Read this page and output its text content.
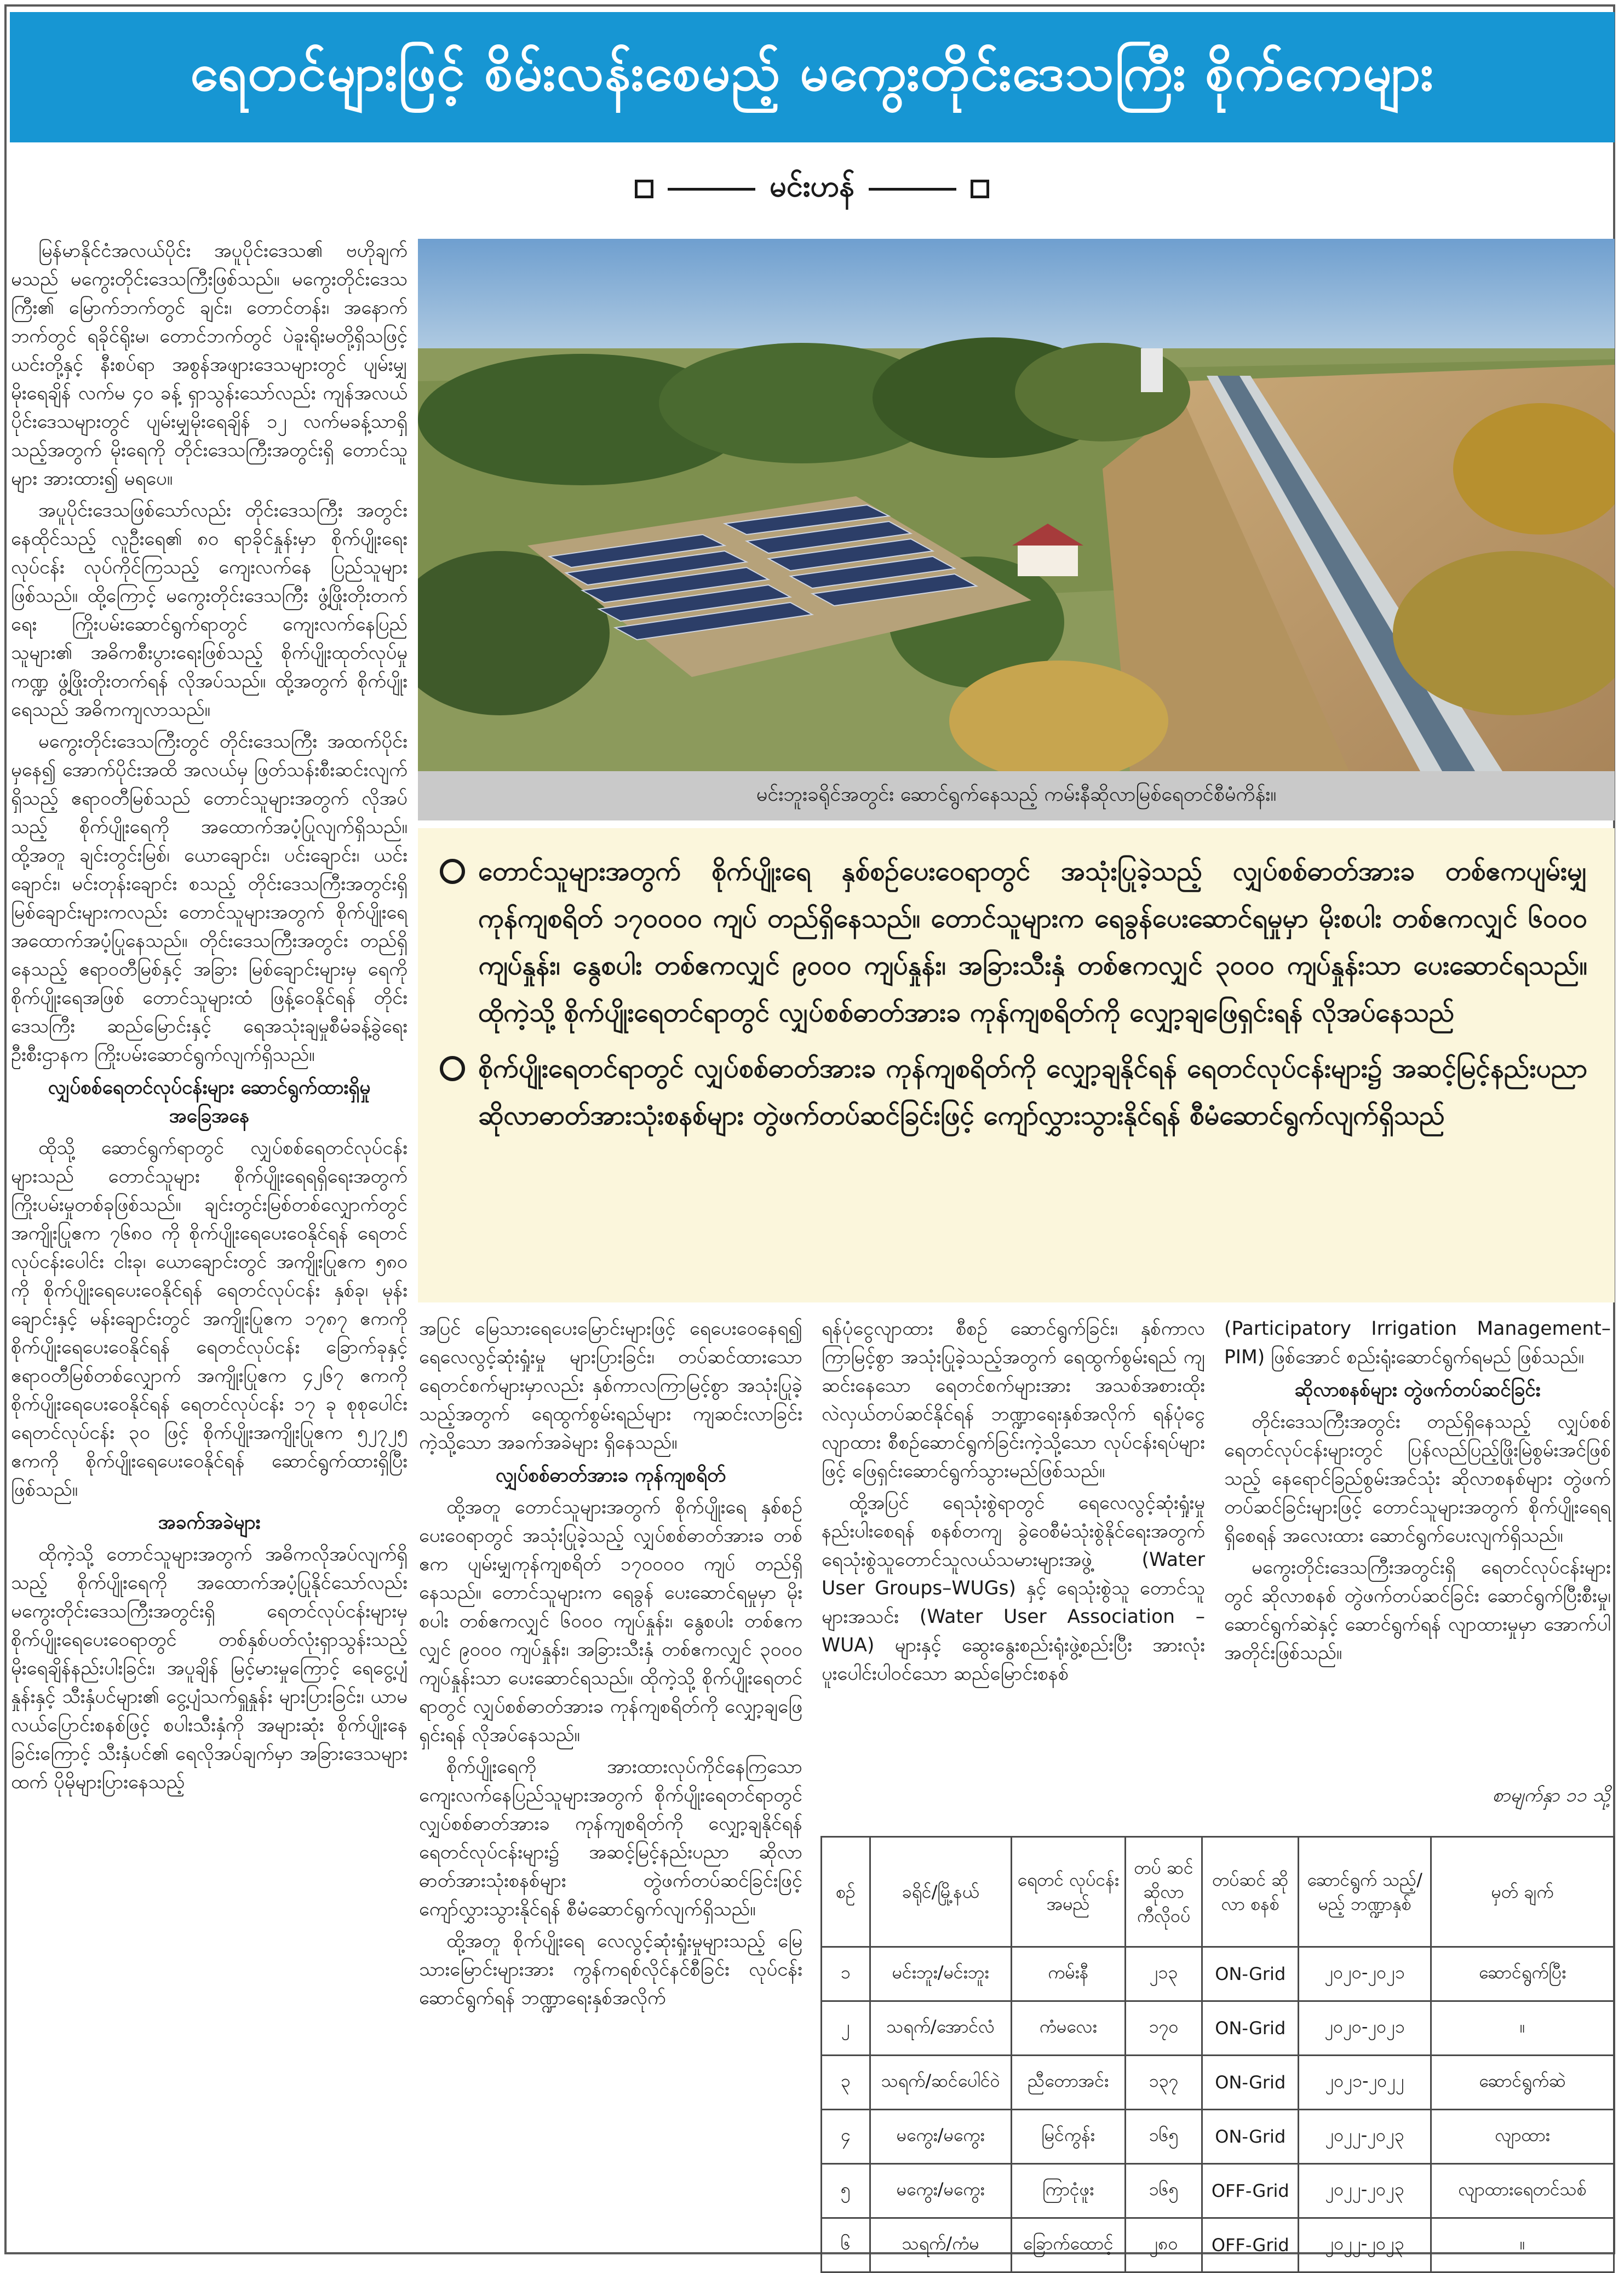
ရေတင်များဖြင့် စိမ်းလန်းစေမည့် မကွေးတိုင်းဒေသကြီး စိုက်ကေများ
မင်းဟန်

မြန်မာနိုင်ငံအလယ်ပိုင်း အပူပိုင်းဒေသ၏ ဗဟိုချက်မသည် မကွေးတိုင်းဒေသကြီးဖြစ်သည်။ မကွေးတိုင်းဒေသကြီး၏ မြောက်ဘက်တွင် ချင်း၊ တောင်တန်း၊ အနောက်ဘက်တွင် ရခိုင်ရိုးမ၊ တောင်ဘက်တွင် ပဲခူးရိုးမတို့ရှိသဖြင့် ယင်းတို့နှင့် နီးစပ်ရာ အစွန်အဖျားဒေသများတွင် ပျမ်းမျှမိုးရေချိန် လက်မ ၄၀ ခန့် ရှာသွန်းသော်လည်း ကျန်အလယ်ပိုင်းဒေသများတွင် ပျမ်းမျှမိုးရေချိန် ၁၂ လက်မခန့်သာရှိသည့်အတွက် မိုးရေကို တိုင်းဒေသကြီးအတွင်းရှိ တောင်သူများ အားထား၍ မရပေ။

အပူပိုင်းဒေသဖြစ်သော်လည်း တိုင်းဒေသကြီး အတွင်း နေထိုင်သည့် လူဦးရေ၏ ၈၀ ရာခိုင်နှုန်းမှာ စိုက်ပျိုးရေးလုပ်ငန်း လုပ်ကိုင်ကြသည့် ကျေးလက်နေ ပြည်သူများဖြစ်သည်။ ထို့ကြောင့် မကွေးတိုင်းဒေသကြီး ဖွံ့ဖြိုးတိုးတက်ရေး ကြိုးပမ်းဆောင်ရွက်ရာတွင် ကျေးလက်နေပြည်သူများ၏ အဓိကစီးပွားရေးဖြစ်သည့် စိုက်ပျိုးထုတ်လုပ်မှုကဏ္ဍ ဖွံ့ဖြိုးတိုးတက်ရန် လိုအပ်သည်။ ထို့အတွက် စိုက်ပျိုးရေသည် အဓိကကျလာသည်။

မကွေးတိုင်းဒေသကြီးတွင် တိုင်းဒေသကြီး အထက်ပိုင်းမှနေ၍ အောက်ပိုင်းအထိ အလယ်မှ ဖြတ်သန်းစီးဆင်းလျက်ရှိသည့် ဧရာဝတီမြစ်သည် တောင်သူများအတွက် လိုအပ်သည့် စိုက်ပျိုးရေကို အထောက်အပံ့ပြုလျက်ရှိသည်။ ထို့အတူ ချင်းတွင်းမြစ်၊ ယောချောင်း၊ ပင်းချောင်း၊ ယင်းချောင်း၊ မင်းတုန်းချောင်း စသည့် တိုင်းဒေသကြီးအတွင်းရှိ မြစ်ချောင်းများကလည်း တောင်သူများအတွက် စိုက်ပျိုးရေ အထောက်အပံ့ပြုနေသည်။ တိုင်းဒေသကြီးအတွင်း တည်ရှိနေသည့် ဧရာဝတီမြစ်နှင့် အခြား မြစ်ချောင်းများမှ ရေကို စိုက်ပျိုးရေအဖြစ် တောင်သူများထံ ဖြန့်ဝေနိုင်ရန် တိုင်းဒေသကြီး ဆည်မြောင်းနှင့် ရေအသုံးချမှုစီမံခန့်ခွဲရေးဦးစီးဌာနက ကြိုးပမ်းဆောင်ရွက်လျက်ရှိသည်။

လျှပ်စစ်ရေတင်လုပ်ငန်းများ ဆောင်ရွက်ထားရှိမှု အခြေအနေ

ထိုသို့ ဆောင်ရွက်ရာတွင် လျှပ်စစ်ရေတင်လုပ်ငန်းများသည် တောင်သူများ စိုက်ပျိုးရေရရှိရေးအတွက် ကြိုးပမ်းမှုတစ်ခုဖြစ်သည်။ ချင်းတွင်းမြစ်တစ်လျှောက်တွင် အကျိုးပြုဧက ၇၆၈၀ ကို စိုက်ပျိုးရေပေးဝေနိုင်ရန် ရေတင်လုပ်ငန်းပေါင်း ငါးခု၊ ယောချောင်းတွင် အကျိုးပြုဧက ၅၈၀ ကို စိုက်ပျိုးရေပေးဝေနိုင်ရန် ရေတင်လုပ်ငန်း နှစ်ခု၊ မုန်းချောင်းနှင့် မန်းချောင်းတွင် အကျိုးပြုဧက ၁၇၈၇ ဧကကို စိုက်ပျိုးရေပေးဝေနိုင်ရန် ရေတင်လုပ်ငန်း ခြောက်ခုနှင့် ဧရာဝတီမြစ်တစ်လျှောက် အကျိုးပြုဧက ၄၂၆၇ ဧကကို စိုက်ပျိုးရေပေးဝေနိုင်ရန် ရေတင်လုပ်ငန်း ၁၇ ခု စုစုပေါင်း ရေတင်လုပ်ငန်း ၃၀ ဖြင့် စိုက်ပျိုးအကျိုးပြုဧက ၅၂၇၂၅ ဧကကို စိုက်ပျိုးရေပေးဝေနိုင်ရန် ဆောင်ရွက်ထားရှိပြီးဖြစ်သည်။

အခက်အခဲများ

ထိုကဲ့သို့ တောင်သူများအတွက် အဓိကလိုအပ်လျက်ရှိသည့် စိုက်ပျိုးရေကို အထောက်အပံ့ပြုနိုင်သော်လည်း မကွေးတိုင်းဒေသကြီးအတွင်းရှိ ရေတင်လုပ်ငန်းများမှ စိုက်ပျိုးရေပေးဝေရာတွင် တစ်နှစ်ပတ်လုံးရှာသွန်းသည့် မိုးရေချိန်နည်းပါးခြင်း၊ အပူချိန် မြင့်မားမှုကြောင့် ရေငွေ့ပျံနှုန်းနှင့် သီးနှံပင်များ၏ ငွေ့ပျံသက်ရှူနှုန်း များပြားခြင်း၊ ယာမလယ်ပြောင်းစနစ်ဖြင့် စပါးသီးနှံကို အများဆုံး စိုက်ပျိုးနေခြင်းကြောင့် သီးနှံပင်၏ ရေလိုအပ်ချက်မှာ အခြားဒေသများထက် ပိုမိုများပြားနေသည့်

မင်းဘူးခရိုင်အတွင်း ဆောင်ရွက်နေသည့် ကမ်းနီဆိုလာမြစ်ရေတင်စီမံကိန်း။
တောင်သူများအတွက် စိုက်ပျိုးရေ နှစ်စဉ်ပေးဝေရာတွင် အသုံးပြုခဲ့သည့် လျှပ်စစ်ဓာတ်အားခ တစ်ဧကပျမ်းမျှကုန်ကျစရိတ် ၁၇၀၀၀၀ ကျပ် တည်ရှိနေသည်။ တောင်သူများက ရေခွန်ပေးဆောင်ရမှုမှာ မိုးစပါး တစ်ဧကလျှင် ၆၀၀၀ ကျပ်နှုန်း၊ နွေစပါး တစ်ဧကလျှင် ၉၀၀၀ ကျပ်နှုန်း၊ အခြားသီးနှံ တစ်ဧကလျှင် ၃၀၀၀ ကျပ်နှုန်းသာ ပေးဆောင်ရသည်။ ထိုကဲ့သို့ စိုက်ပျိုးရေတင်ရာတွင် လျှပ်စစ်ဓာတ်အားခ ကုန်ကျစရိတ်ကို လျှော့ချဖြေရှင်းရန် လိုအပ်နေသည်
စိုက်ပျိုးရေတင်ရာတွင် လျှပ်စစ်ဓာတ်အားခ ကုန်ကျစရိတ်ကို လျှော့ချနိုင်ရန် ရေတင်လုပ်ငန်းများ၌ အဆင့်မြင့်နည်းပညာ ဆိုလာဓာတ်အားသုံးစနစ်များ တွဲဖက်တပ်ဆင်ခြင်းဖြင့် ကျော်လွှားသွားနိုင်ရန် စီမံဆောင်ရွက်လျက်ရှိသည်

အပြင် မြေသားရေပေးမြောင်းများဖြင့် ရေပေးဝေနေရ၍ ရေလေလွင့်ဆုံးရှုံးမှု များပြားခြင်း၊ တပ်ဆင်ထားသော ရေတင်စက်များမှာလည်း နှစ်ကာလကြာမြင့်စွာ အသုံးပြုခဲ့သည့်အတွက် ရေထွက်စွမ်းရည်များ ကျဆင်းလာခြင်း ကဲ့သို့သော အခက်အခဲများ ရှိနေသည်။

လျှပ်စစ်ဓာတ်အားခ ကုန်ကျစရိတ်

ထို့အတူ တောင်သူများအတွက် စိုက်ပျိုးရေ နှစ်စဉ် ပေးဝေရာတွင် အသုံးပြုခဲ့သည့် လျှပ်စစ်ဓာတ်အားခ တစ်ဧက ပျမ်းမျှကုန်ကျစရိတ် ၁၇၀၀၀၀ ကျပ် တည်ရှိနေသည်။ တောင်သူများက ရေခွန် ပေးဆောင်ရမှုမှာ မိုးစပါး တစ်ဧကလျှင် ၆၀၀၀ ကျပ်နှုန်း၊ နွေစပါး တစ်ဧကလျှင် ၉၀၀၀ ကျပ်နှုန်း၊ အခြားသီးနှံ တစ်ဧကလျှင် ၃၀၀၀ ကျပ်နှုန်းသာ ပေးဆောင်ရသည်။ ထိုကဲ့သို့ စိုက်ပျိုးရေတင်ရာတွင် လျှပ်စစ်ဓာတ်အားခ ကုန်ကျစရိတ်ကို လျှော့ချဖြေရှင်းရန် လိုအပ်နေသည်။

စိုက်ပျိုးရေကို အားထားလုပ်ကိုင်နေကြသော ကျေးလက်နေပြည်သူများအတွက် စိုက်ပျိုးရေတင်ရာတွင် လျှပ်စစ်ဓာတ်အားခ ကုန်ကျစရိတ်ကို လျှော့ချနိုင်ရန် ရေတင်လုပ်ငန်းများ၌ အဆင့်မြင့်နည်းပညာ ဆိုလာဓာတ်အားသုံးစနစ်များ တွဲဖက်တပ်ဆင်ခြင်းဖြင့် ကျော်လွှားသွားနိုင်ရန် စီမံဆောင်ရွက်လျက်ရှိသည်။

ထို့အတူ စိုက်ပျိုးရေ လေလွင့်ဆုံးရှုံးမှုများသည့် မြေသားမြောင်းများအား ကွန်ကရစ်လိုင်နင်စီခြင်း လုပ်ငန်းဆောင်ရွက်ရန် ဘဏ္ဍာရေးနှစ်အလိုက်

ရန်ပုံငွေလျာထား စီစဉ် ဆောင်ရွက်ခြင်း၊ နှစ်ကာလကြာမြင့်စွာ အသုံးပြုခဲ့သည့်အတွက် ရေထွက်စွမ်းရည် ကျဆင်းနေသော ရေတင်စက်များအား အသစ်အစားထိုး လဲလှယ်တပ်ဆင်နိုင်ရန် ဘဏ္ဍာရေးနှစ်အလိုက် ရန်ပုံငွေလျာထား စီစဉ်ဆောင်ရွက်ခြင်းကဲ့သို့သော လုပ်ငန်းရပ်များဖြင့် ဖြေရှင်းဆောင်ရွက်သွားမည်ဖြစ်သည်။

ထို့အပြင် ရေသုံးစွဲရာတွင် ရေလေလွင့်ဆုံးရှုံးမှု နည်းပါးစေရန် စနစ်တကျ ခွဲဝေစီမံသုံးစွဲနိုင်ရေးအတွက် ရေသုံးစွဲသူတောင်သူလယ်သမားများအဖွဲ့ (Water User Groups–WUGs) နှင့် ရေသုံးစွဲသူ တောင်သူများအသင်း (Water User Association – WUA) များနှင့် ဆွေးနွေးစည်းရုံးဖွဲ့စည်းပြီး အားလုံးပူးပေါင်းပါဝင်သော ဆည်မြောင်းစနစ်

(Participatory Irrigation Management–PIM) ဖြစ်အောင် စည်းရုံးဆောင်ရွက်ရမည် ဖြစ်သည်။

ဆိုလာစနစ်များ တွဲဖက်တပ်ဆင်ခြင်း

တိုင်းဒေသကြီးအတွင်း တည်ရှိနေသည့် လျှပ်စစ်ရေတင်လုပ်ငန်းများတွင် ပြန်လည်ပြည့်ဖြိုးမြဲစွမ်းအင်ဖြစ်သည့် နေရောင်ခြည်စွမ်းအင်သုံး ဆိုလာစနစ်များ တွဲဖက်တပ်ဆင်ခြင်းများဖြင့် တောင်သူများအတွက် စိုက်ပျိုးရေရရှိစေရန် အလေးထား ဆောင်ရွက်ပေးလျက်ရှိသည်။

မကွေးတိုင်းဒေသကြီးအတွင်းရှိ ရေတင်လုပ်ငန်းများတွင် ဆိုလာစနစ် တွဲဖက်တပ်ဆင်ခြင်း ဆောင်ရွက်ပြီးစီးမှု၊ ဆောင်ရွက်ဆဲနှင့် ဆောင်ရွက်ရန် လျာထားမှုမှာ အောက်ပါအတိုင်းဖြစ်သည်။

စာမျက်နှာ ၁၁ သို့
စဉ်	ခရိုင်/မြို့နယ်	ရေတင် လုပ်ငန်း အမည်	တပ် ဆင် ဆိုလာ ကီလိုဝပ်	တပ်ဆင် ဆိုလာ စနစ်	ဆောင်ရွက် သည့်/မည့် ဘဏ္ဍာနှစ်	မှတ် ချက်
၁	မင်းဘူး/မင်းဘူး	ကမ်းနီ	၂၁၃	ON-Grid	၂၀၂၀-၂၀၂၁	ဆောင်ရွက်ပြီး
၂	သရက်/အောင်လံ	ကံမလေး	၁၇၀	ON-Grid	၂၀၂၀-၂၀၂၁	။
၃	သရက်/ဆင်ပေါင်ဝဲ	ညီတောအင်း	၁၃၇	ON-Grid	၂၀၂၁-၂၀၂၂	ဆောင်ရွက်ဆဲ
၄	မကွေး/မကွေး	မြင်ကွန်း	၁၆၅	ON-Grid	၂၀၂၂-၂၀၂၃	လျာထား
၅	မကွေး/မကွေး	ကြာငုံဖူး	၁၆၅	OFF-Grid	၂၀၂၂-၂၀၂၃	လျာထားရေတင်သစ်
၆	သရက်/ကံမ	ခြောက်ထောင့်	၂၈၀	OFF-Grid	၂၀၂၂-၂၀၂၃	။
